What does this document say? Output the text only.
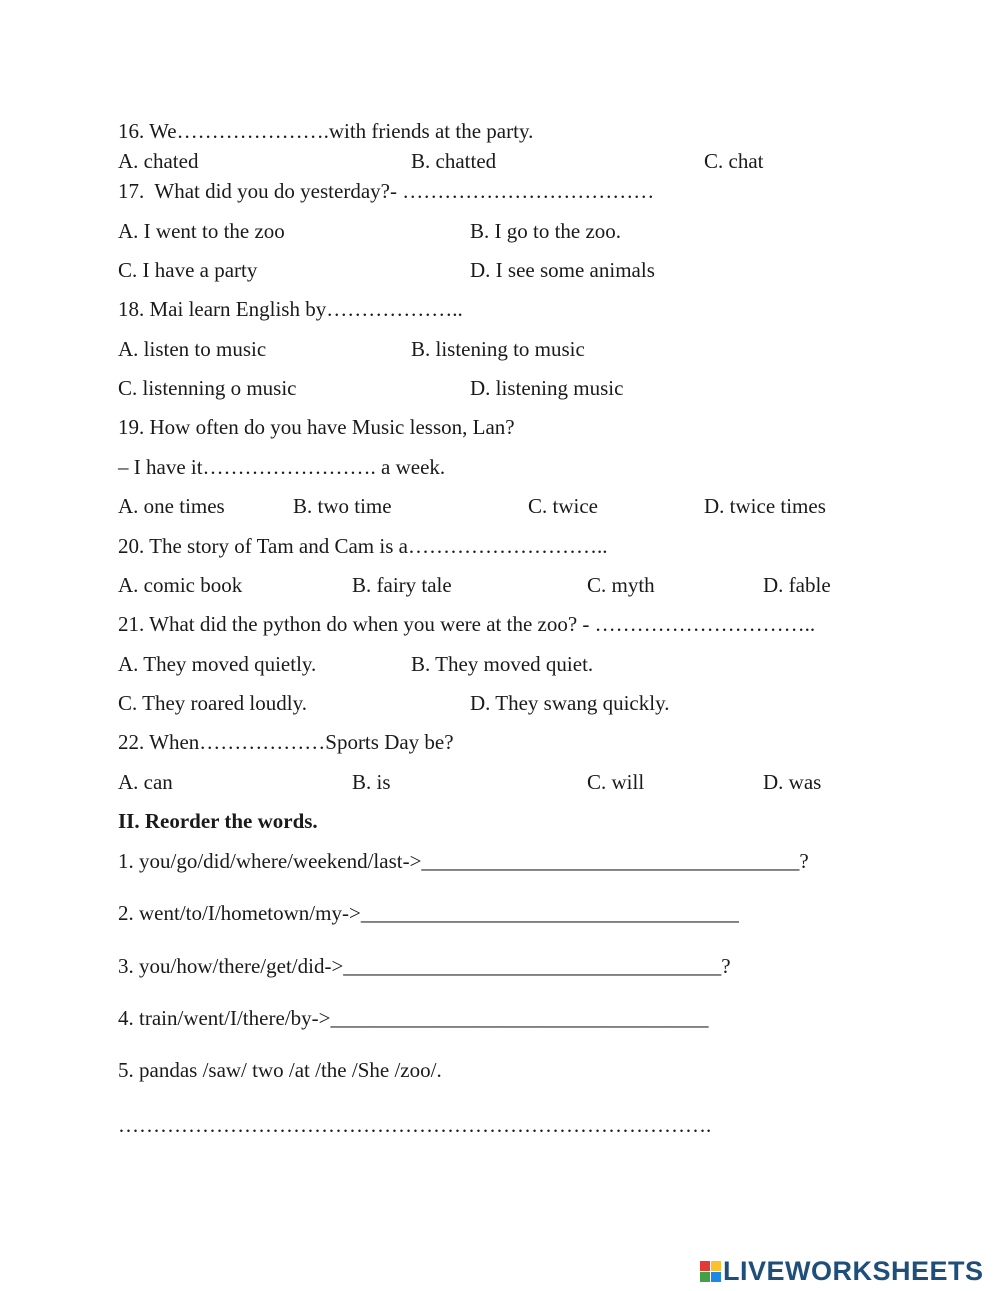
16. We………………….with friends at the party.
A. chated	B. chatted	C. chat
17.  What did you do yesterday?- ………………………………
A. I went to the zoo	B. I go to the zoo.
C. I have a party	D. I see some animals
18. Mai learn English by………………..
A. listen to music	B. listening to music
C. listenning o music	D. listening music
19. How often do you have Music lesson, Lan?
– I have it……………………. a week.
A. one times	B. two time	C. twice	D. twice times
20. The story of Tam and Cam is a………………………..
A. comic book	B. fairy tale	C. myth	D. fable
21. What did the python do when you were at the zoo? - …………………………..
A. They moved quietly.	B. They moved quiet.
C. They roared loudly.	D. They swang quickly.
22. When………………Sports Day be?
A. can	B. is	C. will	D. was
II. Reorder the words.
1. you/go/did/where/weekend/last->____________________________________?
2. went/to/I/hometown/my->____________________________________
3. you/how/there/get/did->____________________________________?
4. train/went/I/there/by->____________________________________
5. pandas /saw/ two /at /the /She /zoo/.
………………………………………………………………………….
LIVEWORKSHEETS
